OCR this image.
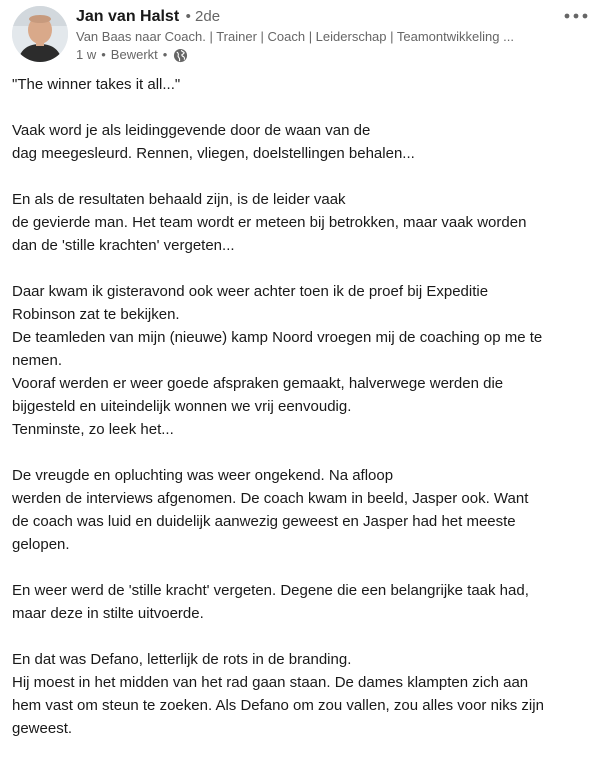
Jan van Halst • 2de
Van Baas naar Coach. | Trainer | Coach | Leiderschap | Teamontwikkeling ...
1 w • Bewerkt •
"The winner takes it all..."
Vaak word je als leidinggevende door de waan van de
dag meegesleurd. Rennen, vliegen, doelstellingen behalen...
En als de resultaten behaald zijn, is de leider vaak
de gevierde man. Het team wordt er meteen bij betrokken, maar vaak worden
dan de 'stille krachten' vergeten...
Daar kwam ik gisteravond ook weer achter toen ik de proef bij Expeditie
Robinson zat te bekijken.
De teamleden van mijn (nieuwe) kamp Noord vroegen mij de coaching op me te
nemen.
Vooraf werden er weer goede afspraken gemaakt, halverwege werden die
bijgesteld en uiteindelijk wonnen we vrij eenvoudig.
Tenminste, zo leek het...
De vreugde en opluchting was weer ongekend. Na afloop
werden de interviews afgenomen. De coach kwam in beeld, Jasper ook. Want
de coach was luid en duidelijk aanwezig geweest en Jasper had het meeste
gelopen.
En weer werd de 'stille kracht' vergeten. Degene die een belangrijke taak had,
maar deze in stilte uitvoerde.
En dat was Defano, letterlijk de rots in de branding.
Hij moest in het midden van het rad gaan staan. De dames klampten zich aan
hem vast om steun te zoeken. Als Defano om zou vallen, zou alles voor niks zijn
geweest.
